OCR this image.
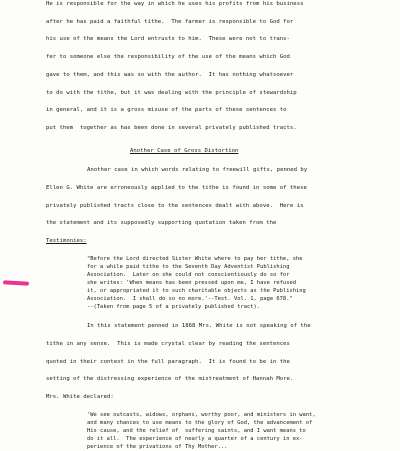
He is responsible for the way in which he uses his profits from his business

after he has paid a faithful tithe.  The farmer is responsible to God for

his use of the means the Lord entrusts to him.  These were not to trans-

fer to someone else the responsibility of the use of the means which God

gave to them, and this was so with the author.  It has nothing whatsoever

to do with the tithe, but it was dealing with the principle of stewardship

in general, and it is a gross misuse of the parts of these sentences to

put them  together as has been done in several privately published tracts.

Another Case of Gross Distortion

Another case in which words relating to freewill gifts, penned by

Ellen G. White are erroneously applied to the tithe is found in some of these

privately published tracts close to the sentences dealt with above.  Here is

the statement and its supposedly supporting quotation taken from the

Testimonies:

"Before the Lord directed Sister White where to pay her tithe, she

for a while paid tithe to the Seventh Day Adventist Publishing

Association.  Later on she could not conscientiously do so for

she writes: 'When means has been pressed upon me, I have refused

it, or appropriated it to such charitable objects as the Publishing

Association.  I shall do so no more.'--Test. Vol. 1, page 678."

--(Taken from page 5 of a privately published tract).

In this statement penned in 1868 Mrs. White is not speaking of the

tithe in any sense.  This is made crystal clear by reading the sentences

quoted in their context in the full paragraph.  It is found to be in the

setting of the distressing experience of the mistreatment of Hannah More.

Mrs. White declared:

'We see outcasts, widows, orphans, worthy poor, and ministers in want,

and many chances to use means to the glory of God, the advancement of

His cause, and the relief of  suffering saints, and I want means to

do it all.  The experience of nearly a quarter of a century in ex-

perience of the privations of Thy Mother...
